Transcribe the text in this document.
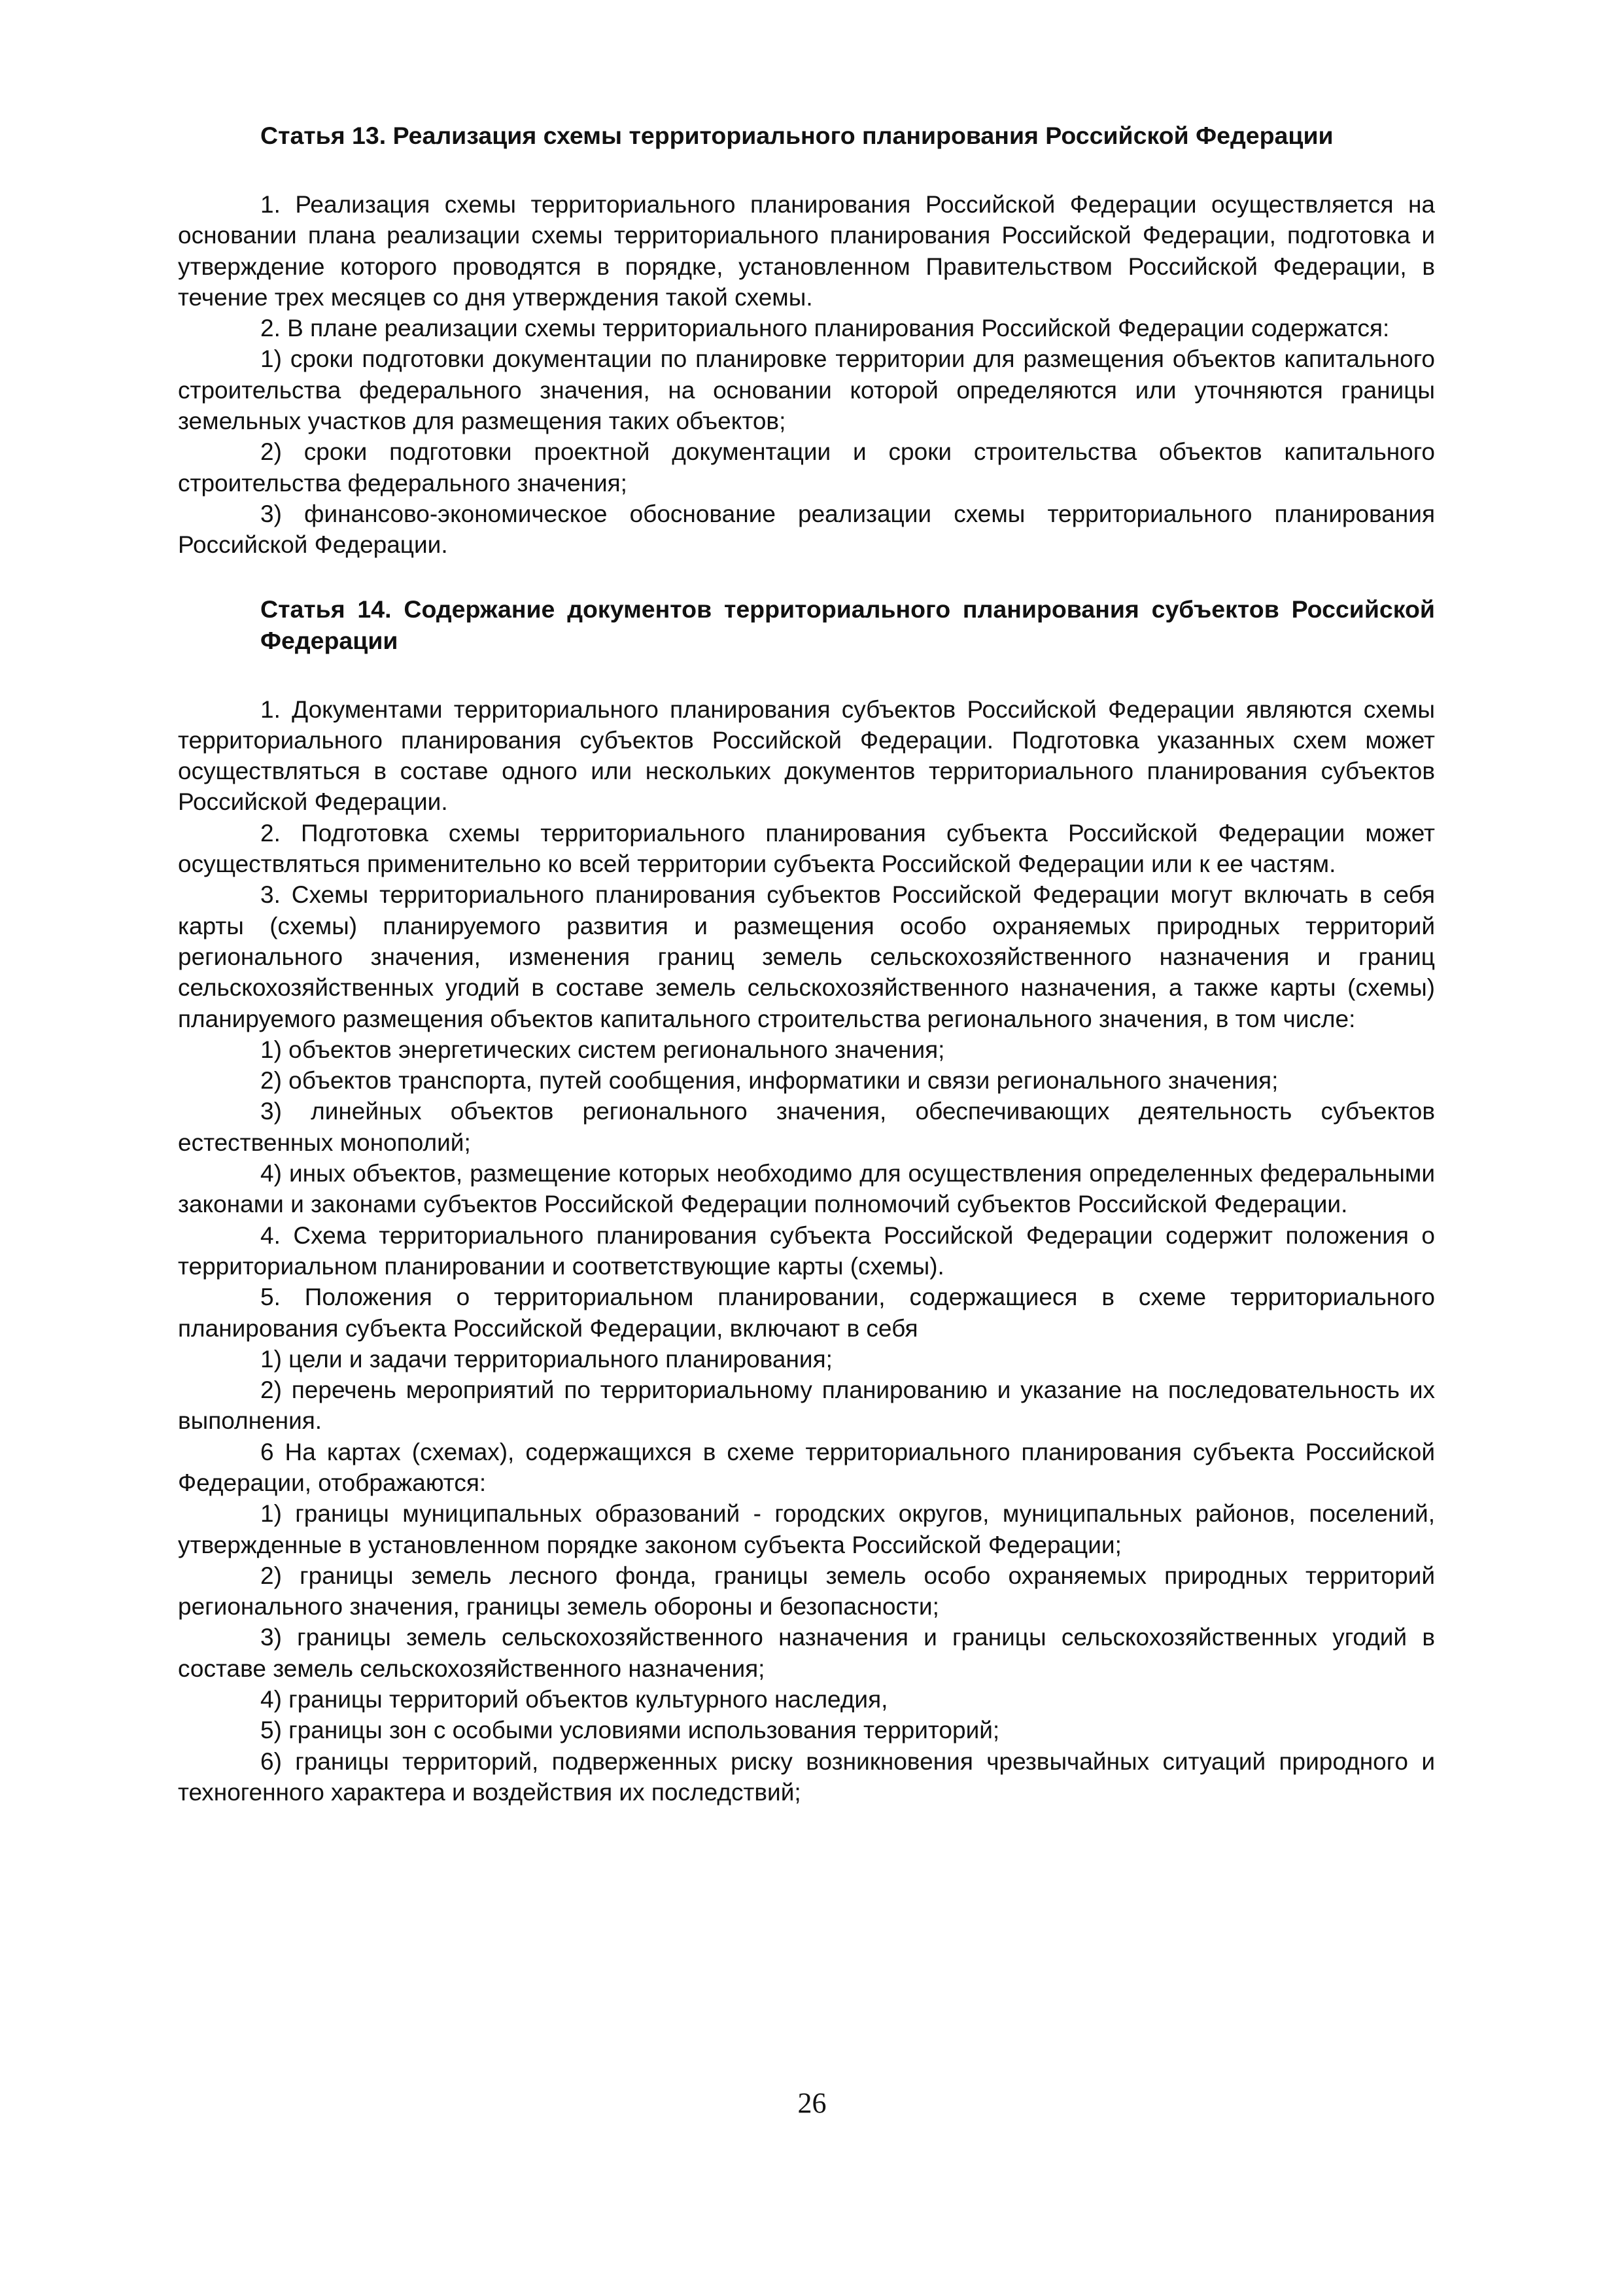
Статья 13. Реализация схемы территориального планирования Российской Федерации

1. Реализация схемы территориального планирования Российской Федерации осуществляется на основании плана реализации схемы территориального планирования Российской Федерации, подготовка и утверждение которого проводятся в порядке, установленном Правительством Российской Федерации, в течение трех месяцев со дня утверждения такой схемы.

2. В плане реализации схемы территориального планирования Российской Федерации содержатся:

1) сроки подготовки документации по планировке территории для размещения объектов капитального строительства федерального значения, на основании которой определяются или уточняются границы земельных участков для размещения таких объектов;

2) сроки подготовки проектной документации и сроки строительства объектов капитального строительства федерального значения;

3) финансово-экономическое обоснование реализации схемы территориального планирования Российской Федерации.

Статья 14. Содержание документов территориального планирования субъектов Российской Федерации

1. Документами территориального планирования субъектов Российской Федерации являются схемы территориального планирования субъектов Российской Федерации. Подготовка указанных схем может осуществляться в составе одного или нескольких документов территориального планирования субъектов Российской Федерации.

2. Подготовка схемы территориального планирования субъекта Российской Федерации может осуществляться применительно ко всей территории субъекта Российской Федерации или к ее частям.

3. Схемы территориального планирования субъектов Российской Федерации могут включать в себя карты (схемы) планируемого развития и размещения особо охраняемых природных территорий регионального значения, изменения границ земель сельскохозяйственного назначения и границ сельскохозяйственных угодий в составе земель сельскохозяйственного назначения, а также карты (схемы) планируемого размещения объектов капитального строительства регионального значения, в том числе:

1) объектов энергетических систем регионального значения;

2) объектов транспорта, путей сообщения, информатики и связи регионального значения;

3) линейных объектов регионального значения, обеспечивающих деятельность субъектов естественных монополий;

4) иных объектов, размещение которых необходимо для осуществления определенных федеральными законами и законами субъектов Российской Федерации полномочий субъектов Российской Федерации.

4. Схема территориального планирования субъекта Российской Федерации содержит положения о территориальном планировании и соответствующие карты (схемы).

5. Положения о территориальном планировании, содержащиеся в схеме территориального планирования субъекта Российской Федерации, включают в себя

1) цели и задачи территориального планирования;

2) перечень мероприятий по территориальному планированию и указание на последовательность их выполнения.

6 На картах (схемах), содержащихся в схеме территориального планирования субъекта Российской Федерации, отображаются:

1) границы муниципальных образований - городских округов, муниципальных районов, поселений, утвержденные в установленном порядке законом субъекта Российской Федерации;

2) границы земель лесного фонда, границы земель особо охраняемых природных территорий регионального значения, границы земель обороны и безопасности;

3) границы земель сельскохозяйственного назначения и границы сельскохозяйственных угодий в составе земель сельскохозяйственного назначения;

4) границы территорий объектов культурного наследия,

5) границы зон с особыми условиями использования территорий;

6) границы территорий, подверженных риску возникновения чрезвычайных ситуаций природного и техногенного характера и воздействия их последствий;

26
